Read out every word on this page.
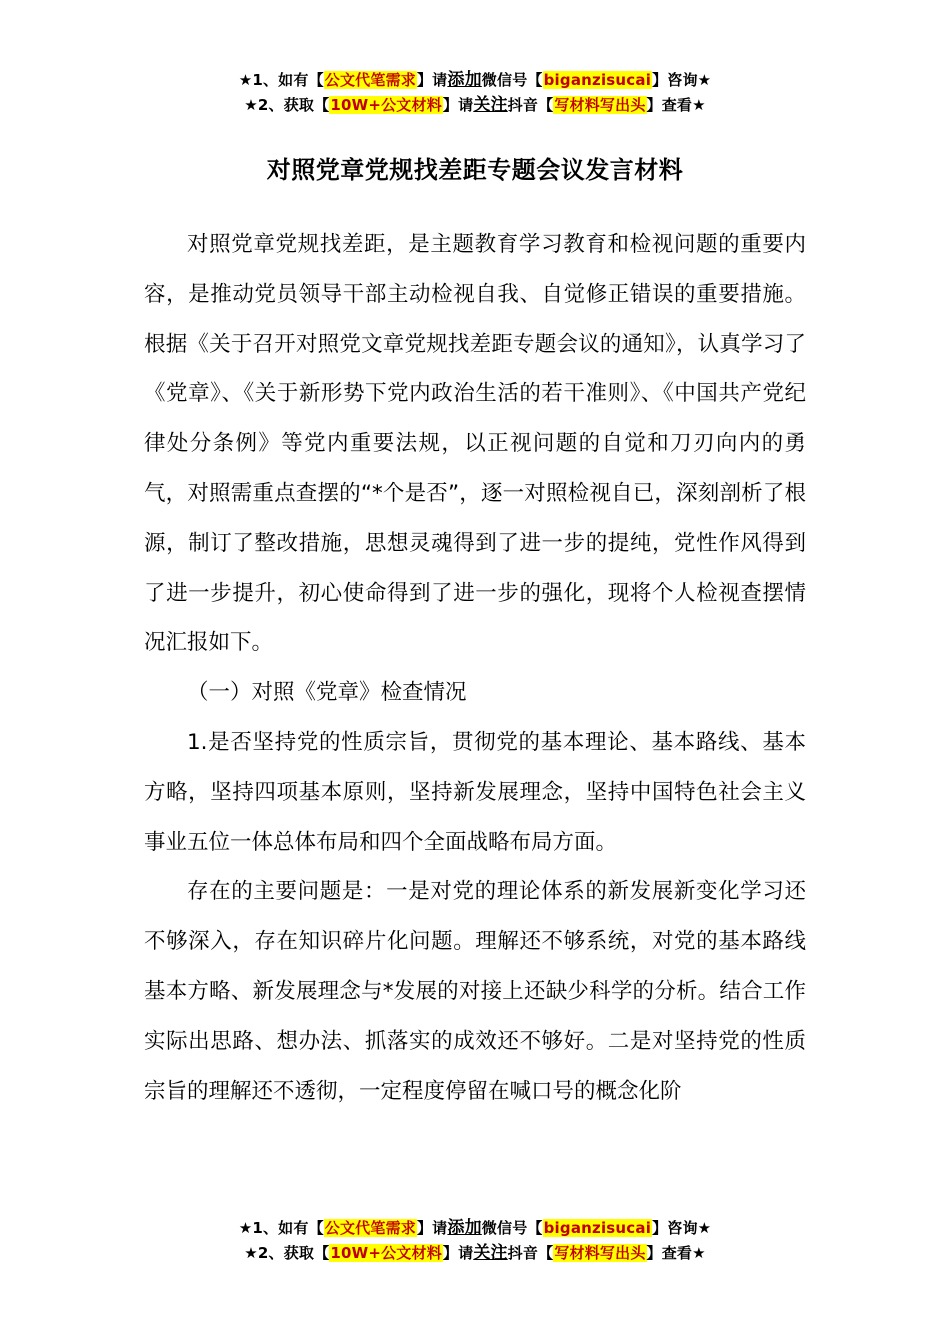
★1、如有【公文代笔需求】请添加微信号【biganzisucai】咨询★
★2、获取【10W+公文材料】请关注抖音【写材料写出头】查看★
对照党章党规找差距专题会议发言材料

对照党章党规找差距，是主题教育学习教育和检视问题的重要内容，是推动党员领导干部主动检视自我、自觉修正错误的重要措施。根据《关于召开对照党文章党规找差距专题会议的通知》，认真学习了《党章》、《关于新形势下党内政治生活的若干准则》、《中国共产党纪律处分条例》等党内重要法规，以正视问题的自觉和刀刃向内的勇气，对照需重点查摆的“*个是否”，逐一对照检视自已，深刻剖析了根源，制订了整改措施，思想灵魂得到了进一步的提纯，党性作风得到了进一步提升，初心使命得到了进一步的强化，现将个人检视查摆情况汇报如下。

（一）对照《党章》检查情况

1.是否坚持党的性质宗旨，贯彻党的基本理论、基本路线、基本方略，坚持四项基本原则，坚持新发展理念，坚持中国特色社会主义事业五位一体总体布局和四个全面战略布局方面。

存在的主要问题是：一是对党的理论体系的新发展新变化学习还不够深入，存在知识碎片化问题。理解还不够系统，对党的基本路线基本方略、新发展理念与*发展的对接上还缺少科学的分析。结合工作实际出思路、想办法、抓落实的成效还不够好。二是对坚持党的性质宗旨的理解还不透彻，一定程度停留在喊口号的概念化阶

★1、如有【公文代笔需求】请添加微信号【biganzisucai】咨询★
★2、获取【10W+公文材料】请关注抖音【写材料写出头】查看★
